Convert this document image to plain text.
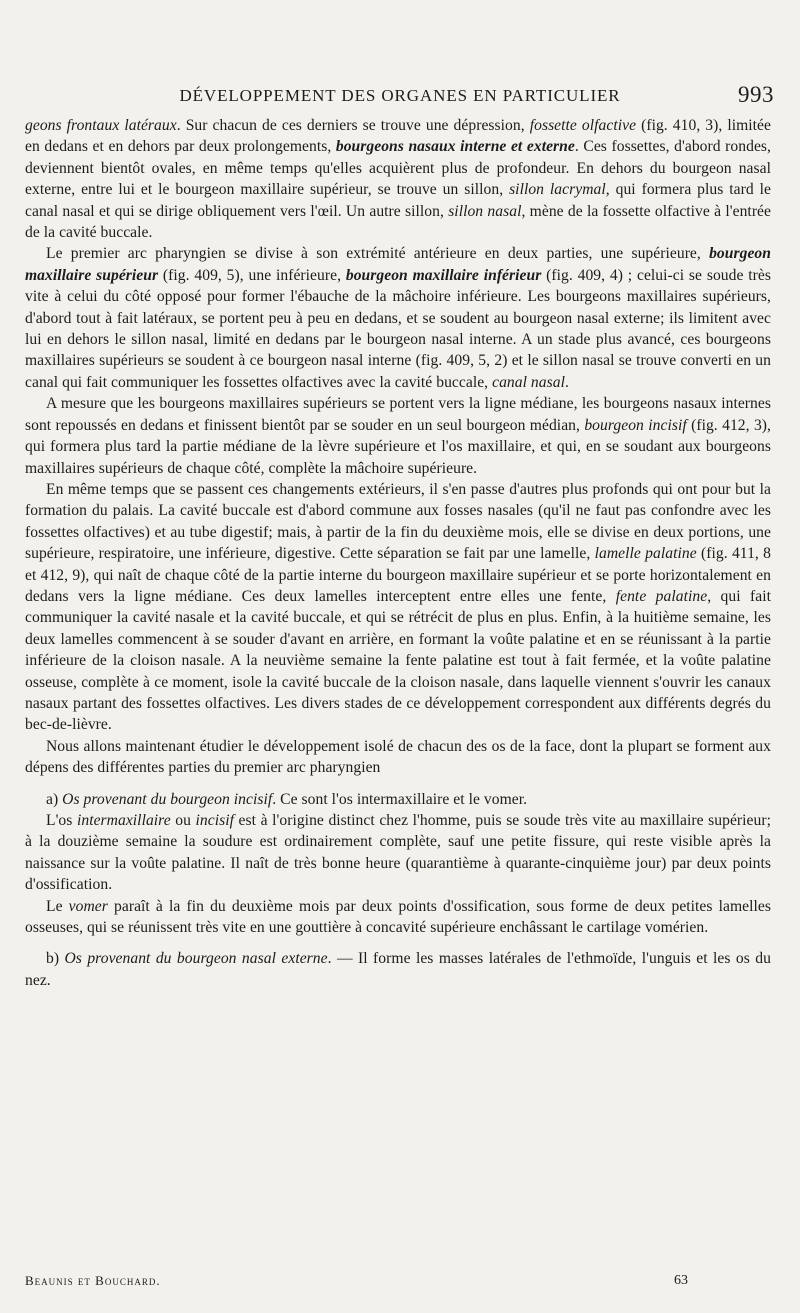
DÉVELOPPEMENT DES ORGANES EN PARTICULIER	993

geons frontaux latéraux. Sur chacun de ces derniers se trouve une dépression, fossette olfactive (fig. 410, 3), limitée en dedans et en dehors par deux prolongements, bourgeons nasaux interne et externe. Ces fossettes, d'abord rondes, deviennent bientôt ovales, en même temps qu'elles acquièrent plus de profondeur. En dehors du bourgeon nasal externe, entre lui et le bourgeon maxillaire supérieur, se trouve un sillon, sillon lacrymal, qui formera plus tard le canal nasal et qui se dirige obliquement vers l'œil. Un autre sillon, sillon nasal, mène de la fossette olfactive à l'entrée de la cavité buccale.

Le premier arc pharyngien se divise à son extrémité antérieure en deux parties, une supérieure, bourgeon maxillaire supérieur (fig. 409, 5), une inférieure, bourgeon maxillaire inférieur (fig. 409, 4) ; celui-ci se soude très vite à celui du côté opposé pour former l'ébauche de la mâchoire inférieure. Les bourgeons maxillaires supérieurs, d'abord tout à fait latéraux, se portent peu à peu en dedans, et se soudent au bourgeon nasal externe; ils limitent avec lui en dehors le sillon nasal, limité en dedans par le bourgeon nasal interne. A un stade plus avancé, ces bourgeons maxillaires supérieurs se soudent à ce bourgeon nasal interne (fig. 409, 5, 2) et le sillon nasal se trouve converti en un canal qui fait communiquer les fossettes olfactives avec la cavité buccale, canal nasal.

A mesure que les bourgeons maxillaires supérieurs se portent vers la ligne médiane, les bourgeons nasaux internes sont repoussés en dedans et finissent bientôt par se souder en un seul bourgeon médian, bourgeon incisif (fig. 412, 3), qui formera plus tard la partie médiane de la lèvre supérieure et l'os maxillaire, et qui, en se soudant aux bourgeons maxillaires supérieurs de chaque côté, complète la mâchoire supérieure.

En même temps que se passent ces changements extérieurs, il s'en passe d'autres plus profonds qui ont pour but la formation du palais. La cavité buccale est d'abord commune aux fosses nasales (qu'il ne faut pas confondre avec les fossettes olfactives) et au tube digestif; mais, à partir de la fin du deuxième mois, elle se divise en deux portions, une supérieure, respiratoire, une inférieure, digestive. Cette séparation se fait par une lamelle, lamelle palatine (fig. 411, 8 et 412, 9), qui naît de chaque côté de la partie interne du bourgeon maxillaire supérieur et se porte horizontalement en dedans vers la ligne médiane. Ces deux lamelles interceptent entre elles une fente, fente palatine, qui fait communiquer la cavité nasale et la cavité buccale, et qui se rétrécit de plus en plus. Enfin, à la huitième semaine, les deux lamelles commencent à se souder d'avant en arrière, en formant la voûte palatine et en se réunissant à la partie inférieure de la cloison nasale. A la neuvième semaine la fente palatine est tout à fait fermée, et la voûte palatine osseuse, complète à ce moment, isole la cavité buccale de la cloison nasale, dans laquelle viennent s'ouvrir les canaux nasaux partant des fossettes olfactives. Les divers stades de ce développement correspondent aux différents degrés du bec-de-lièvre.

Nous allons maintenant étudier le développement isolé de chacun des os de la face, dont la plupart se forment aux dépens des différentes parties du premier arc pharyngien

a) Os provenant du bourgeon incisif. Ce sont l'os intermaxillaire et le vomer.

L'os intermaxillaire ou incisif est à l'origine distinct chez l'homme, puis se soude très vite au maxillaire supérieur; à la douzième semaine la soudure est ordinairement complète, sauf une petite fissure, qui reste visible après la naissance sur la voûte palatine. Il naît de très bonne heure (quarantième à quarante-cinquième jour) par deux points d'ossification.

Le vomer paraît à la fin du deuxième mois par deux points d'ossification, sous forme de deux petites lamelles osseuses, qui se réunissent très vite en une gouttière à concavité supérieure enchâssant le cartilage vomérien.

b) Os provenant du bourgeon nasal externe. — Il forme les masses latérales de l'ethmoïde, l'unguis et les os du nez.

Beaunis et Bouchard.	63
